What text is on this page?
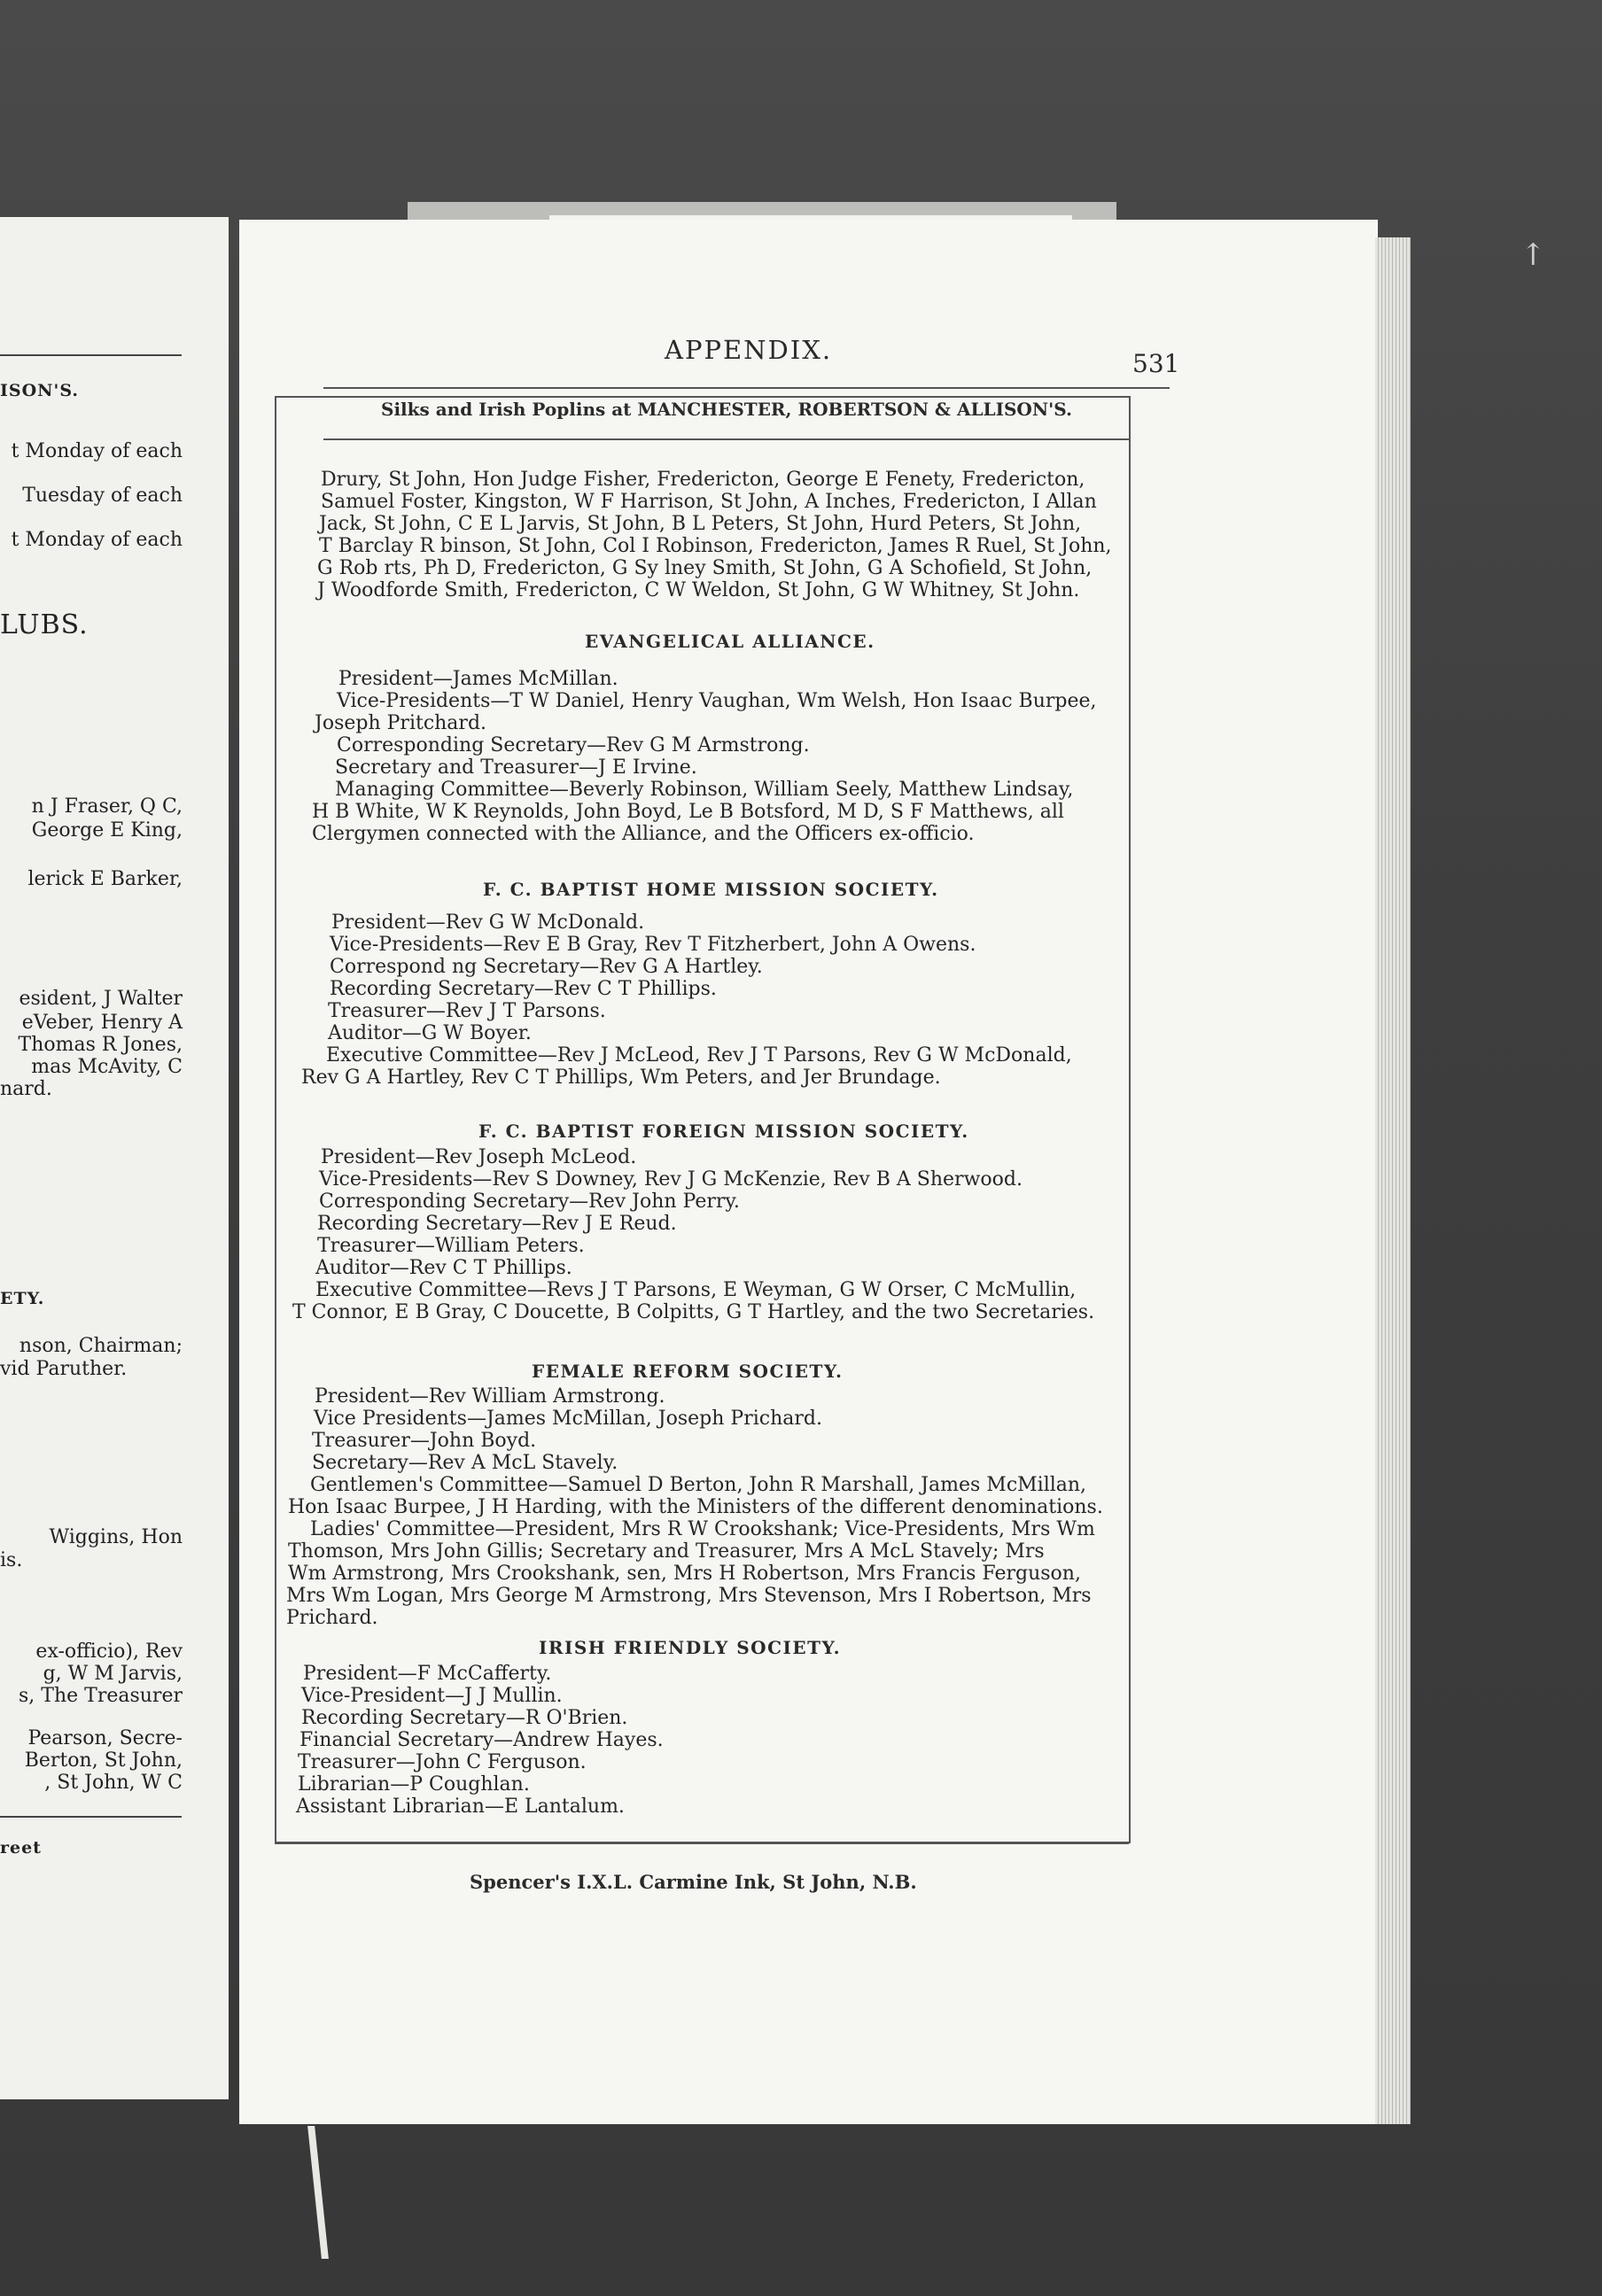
ISON'S.
t Monday of each
Tuesday of each
t Monday of each
LUBS.
n J Fraser, Q C,
George E King,
lerick E Barker,
esident, J Walter
eVeber, Henry A
Thomas R Jones,
mas McAvity, C
nard.
ETY.
nson, Chairman;
vid Paruther.
Wiggins, Hon
is.
ex-officio), Rev
g, W M Jarvis,
s, The Treasurer
Pearson, Secre-
Berton, St John,
, St John, W C
reet
APPENDIX.	531
Silks and Irish Poplins at MANCHESTER, ROBERTSON & ALLISON'S.
Spencer's I.X.L. Carmine Ink, St John, N.B.
Drury, St John, Hon Judge Fisher, Fredericton, George E Fenety, Fredericton,
Samuel Foster, Kingston, W F Harrison, St John, A Inches, Fredericton, I Allan
Jack, St John, C E L Jarvis, St John, B L Peters, St John, Hurd Peters, St John,
T Barclay R binson, St John, Col I Robinson, Fredericton, James R Ruel, St John,
G Rob rts, Ph D, Fredericton, G Sy lney Smith, St John, G A Schofield, St John,
J Woodforde Smith, Fredericton, C W Weldon, St John, G W Whitney, St John.
EVANGELICAL ALLIANCE.
President—James McMillan.
Vice-Presidents—T W Daniel, Henry Vaughan, Wm Welsh, Hon Isaac Burpee,
Joseph Pritchard.
Corresponding Secretary—Rev G M Armstrong.
Secretary and Treasurer—J E Irvine.
Managing Committee—Beverly Robinson, William Seely, Matthew Lindsay,
H B White, W K Reynolds, John Boyd, Le B Botsford, M D, S F Matthews, all
Clergymen connected with the Alliance, and the Officers ex-officio.
F. C. BAPTIST HOME MISSION SOCIETY.
President—Rev G W McDonald.
Vice-Presidents—Rev E B Gray, Rev T Fitzherbert, John A Owens.
Correspond ng Secretary—Rev G A Hartley.
Recording Secretary—Rev C T Phillips.
Treasurer—Rev J T Parsons.
Auditor—G W Boyer.
Executive Committee—Rev J McLeod, Rev J T Parsons, Rev G W McDonald,
Rev G A Hartley, Rev C T Phillips, Wm Peters, and Jer Brundage.
F. C. BAPTIST FOREIGN MISSION SOCIETY.
President—Rev Joseph McLeod.
Vice-Presidents—Rev S Downey, Rev J G McKenzie, Rev B A Sherwood.
Corresponding Secretary—Rev John Perry.
Recording Secretary—Rev J E Reud.
Treasurer—William Peters.
Auditor—Rev C T Phillips.
Executive Committee—Revs J T Parsons, E Weyman, G W Orser, C McMullin,
T Connor, E B Gray, C Doucette, B Colpitts, G T Hartley, and the two Secretaries.
FEMALE REFORM SOCIETY.
President—Rev William Armstrong.
Vice Presidents—James McMillan, Joseph Prichard.
Treasurer—John Boyd.
Secretary—Rev A McL Stavely.
Gentlemen's Committee—Samuel D Berton, John R Marshall, James McMillan,
Hon Isaac Burpee, J H Harding, with the Ministers of the different denominations.
Ladies' Committee—President, Mrs R W Crookshank; Vice-Presidents, Mrs Wm
Thomson, Mrs John Gillis; Secretary and Treasurer, Mrs A McL Stavely; Mrs
Wm Armstrong, Mrs Crookshank, sen, Mrs H Robertson, Mrs Francis Ferguson,
Mrs Wm Logan, Mrs George M Armstrong, Mrs Stevenson, Mrs I Robertson, Mrs
Prichard.
IRISH FRIENDLY SOCIETY.
President—F McCafferty.
Vice-President—J J Mullin.
Recording Secretary—R O'Brien.
Financial Secretary—Andrew Hayes.
Treasurer—John C Ferguson.
Librarian—P Coughlan.
Assistant Librarian—E Lantalum.
↑
